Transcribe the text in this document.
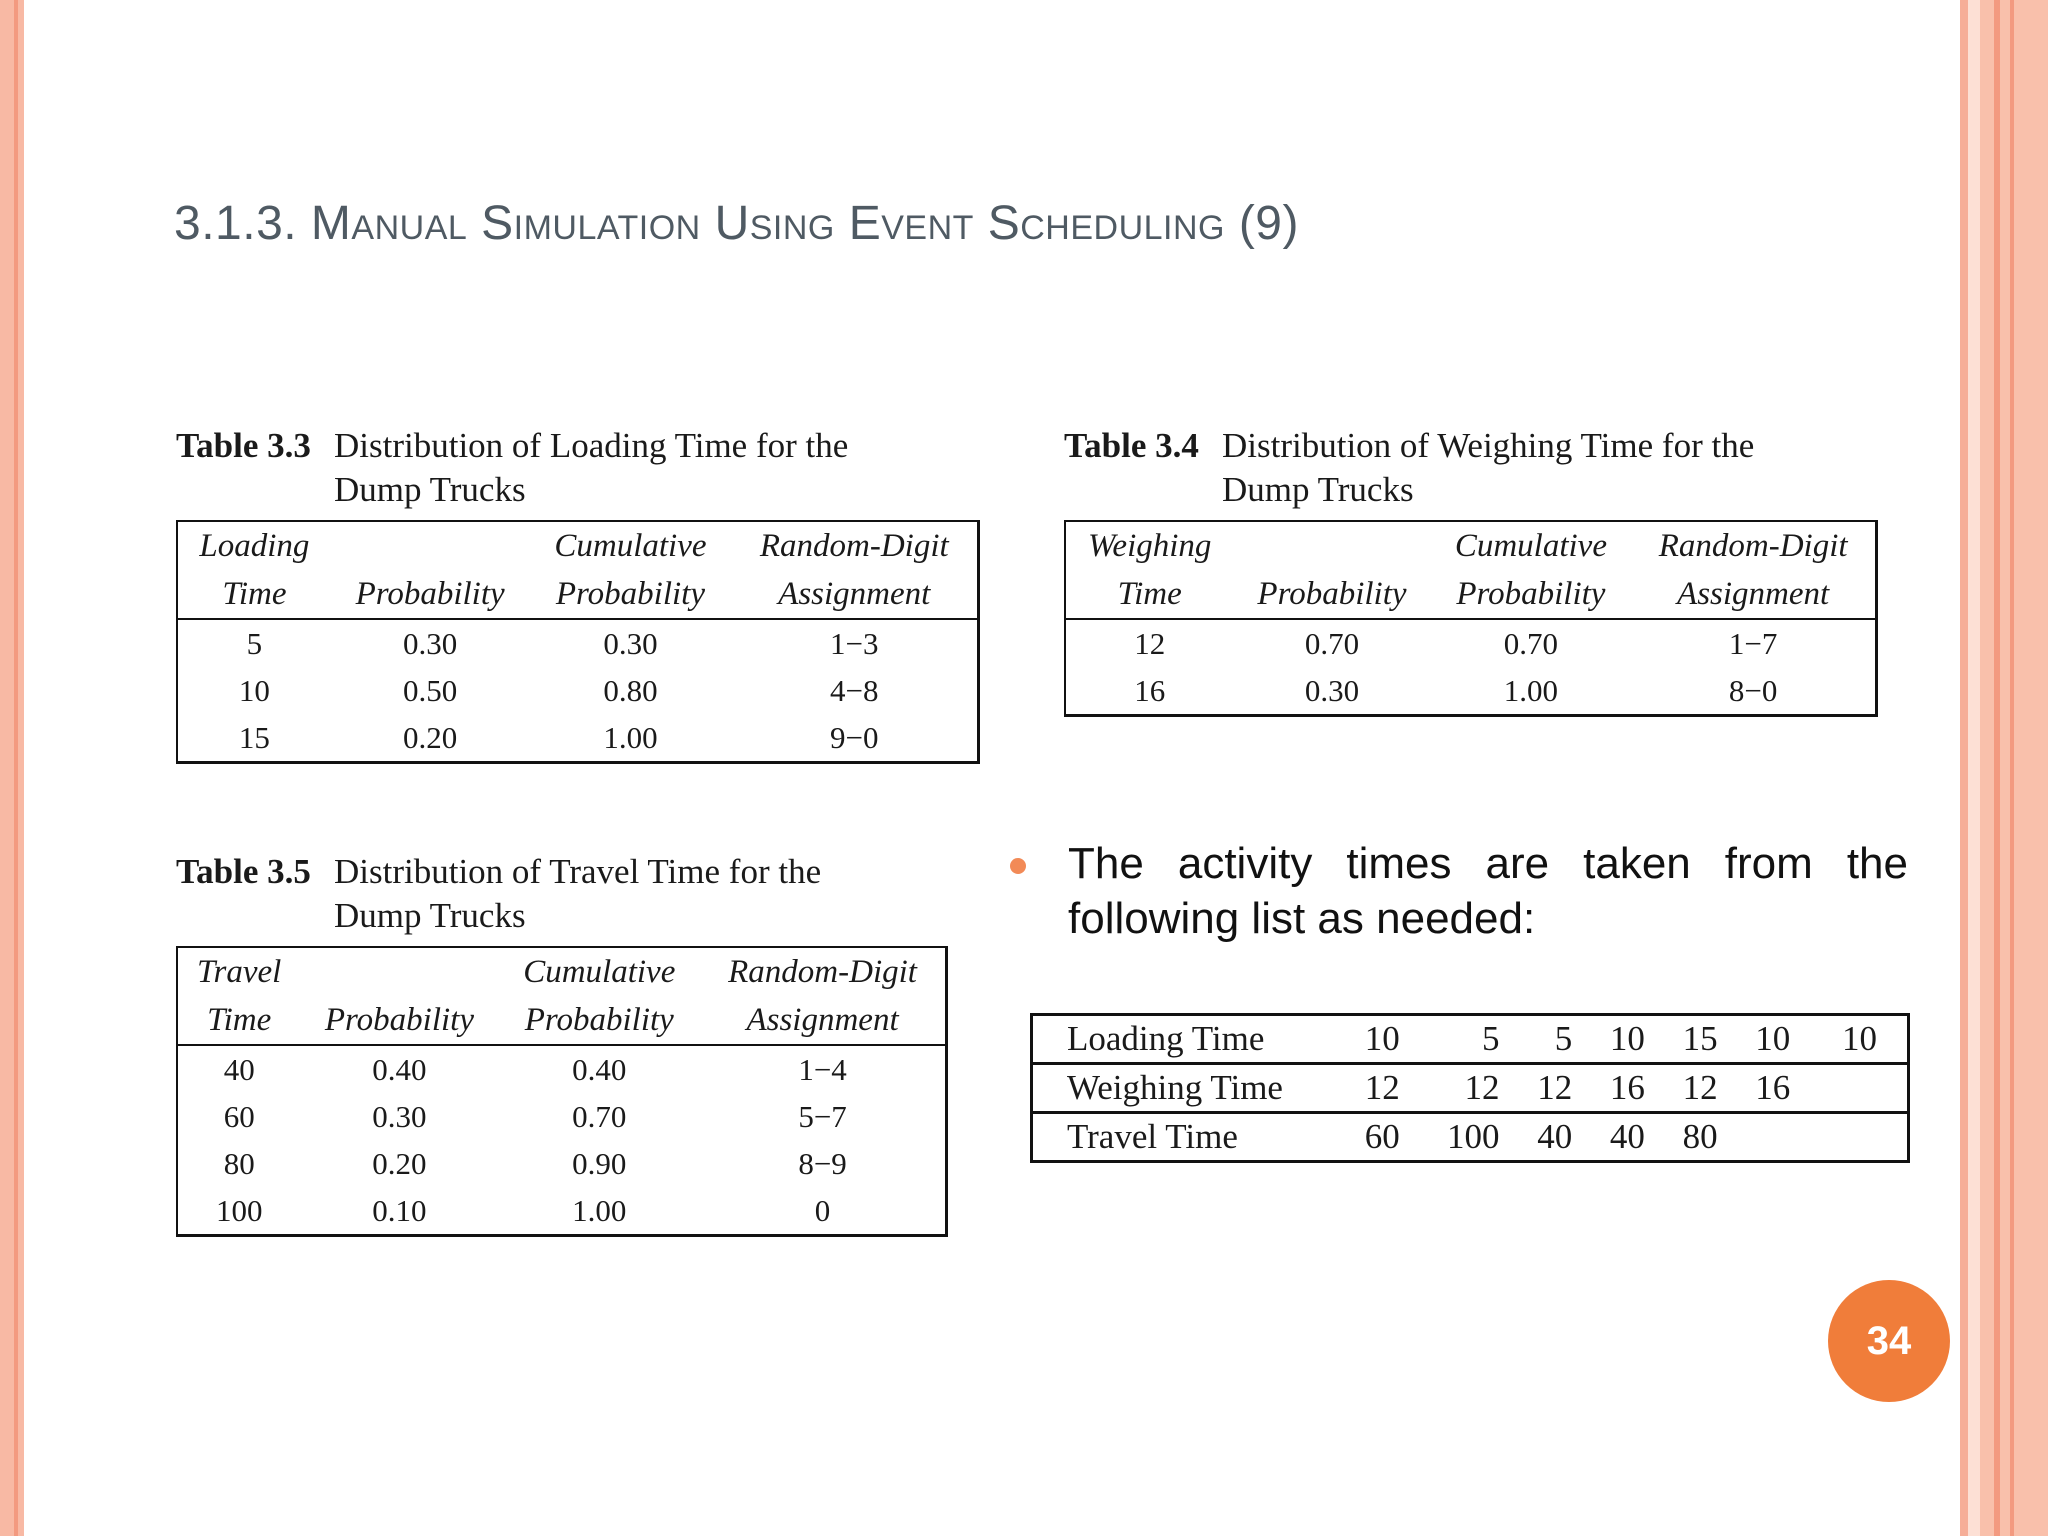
3.1.3. Manual Simulation Using Event Scheduling (9)
Table 3.3 Distribution of Loading Time for the
Dump Trucks
Loading		Cumulative	Random-Digit
Time	Probability	Probability	Assignment
5	0.30	0.30	1−3
10	0.50	0.80	4−8
15	0.20	1.00	9−0
Table 3.4 Distribution of Weighing Time for the
Dump Trucks
Weighing		Cumulative	Random-Digit
Time	Probability	Probability	Assignment
12	0.70	0.70	1−7
16	0.30	1.00	8−0
Table 3.5 Distribution of Travel Time for the
Dump Trucks
Travel		Cumulative	Random-Digit
Time	Probability	Probability	Assignment
40	0.40	0.40	1−4
60	0.30	0.70	5−7
80	0.20	0.90	8−9
100	0.10	1.00	0
The activity times are taken from the following list as needed:
Loading Time	10	5	5	10	15	10	10
Weighing Time	12	12	12	16	12	16	
Travel Time	60	100	40	40	80		
34
